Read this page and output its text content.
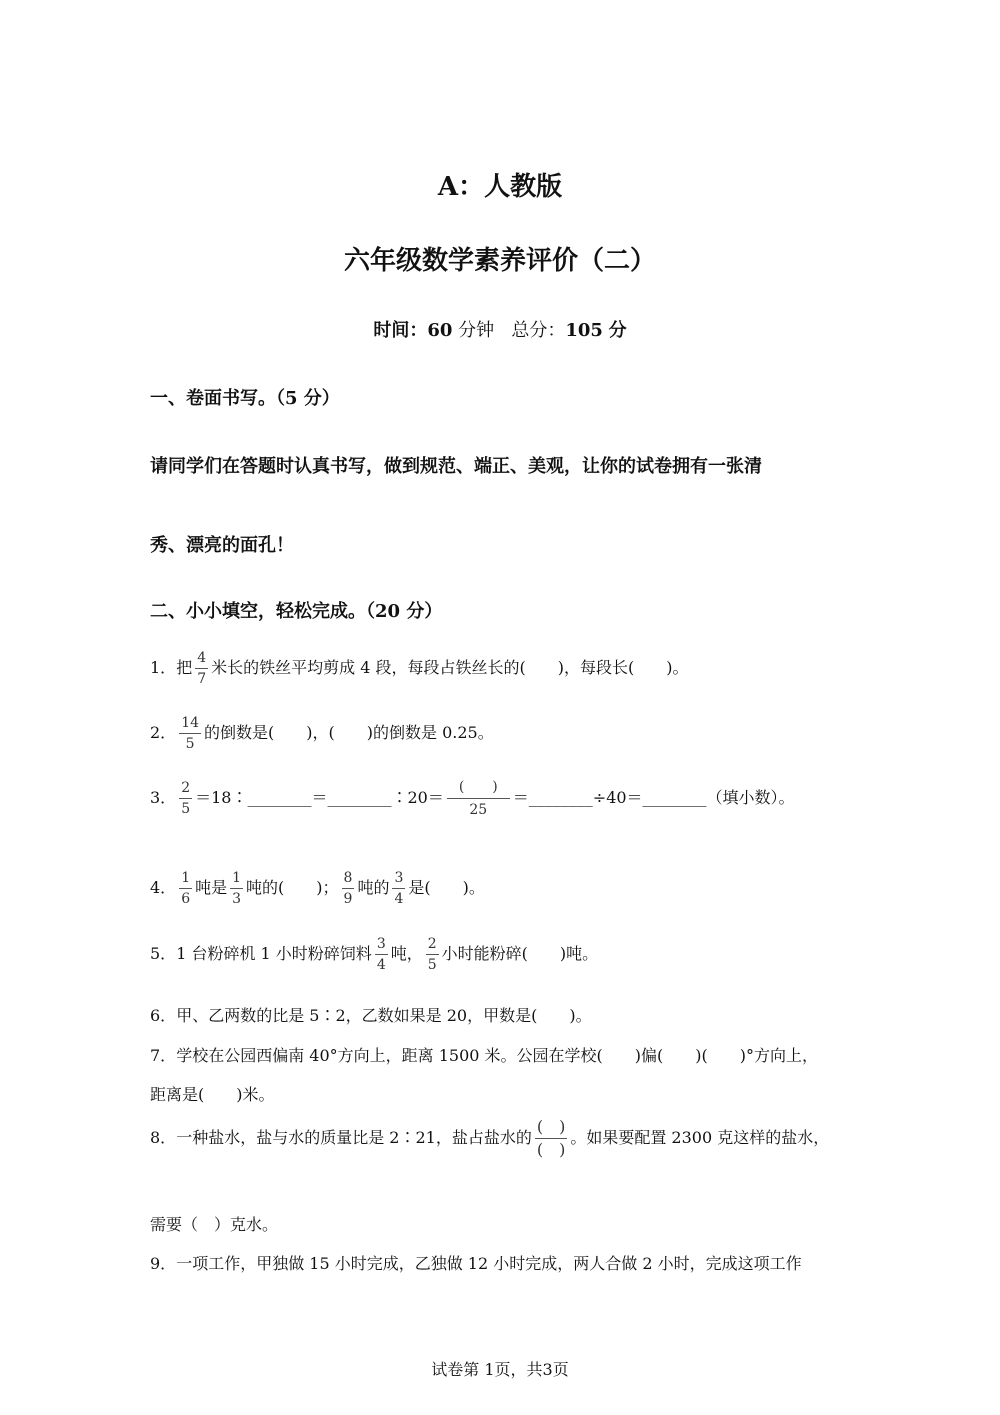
A：人教版
六年级数学素养评价（二）
时间：60 分钟 总分：105 分
一、卷面书写。（5 分）
请同学们在答题时认真书写，做到规范、端正、美观，让你的试卷拥有一张清
秀、漂亮的面孔！
二、小小填空，轻松完成。（20 分）
1．把 $\frac{4}{7}$ 米长的铁丝平均剪成 4 段，每段占铁丝长的(　　)，每段长(　　)。
2． $\frac{14}{5}$ 的倒数是(　　)，(　　)的倒数是 0.25。
3． $\frac{2}{5}$ ＝18∶________＝________∶20＝ $\frac{( )}{25}$ ＝________÷40＝________（填小数）。
4． $\frac{1}{6}$ 吨是 $\frac{1}{3}$ 吨的(　　)； $\frac{8}{9}$ 吨的 $\frac{3}{4}$ 是(　　)。
5．1 台粉碎机 1 小时粉碎饲料 $\frac{3}{4}$ 吨， $\frac{2}{5}$ 小时能粉碎(　　)吨。
6．甲、乙两数的比是 5∶2，乙数如果是 20，甲数是(　　)。
7．学校在公园西偏南 40°方向上，距离 1500 米。公园在学校(　　)偏(　　)(　　)°方向上，
距离是(　　)米。
8．一种盐水，盐与水的质量比是 2∶21，盐占盐水的 $\frac{( )}{( )}$ 。如果要配置 2300 克这样的盐水，
需要（　）克水。
9．一项工作，甲独做 15 小时完成，乙独做 12 小时完成，两人合做 2 小时，完成这项工作
试卷第 1页，共3页
